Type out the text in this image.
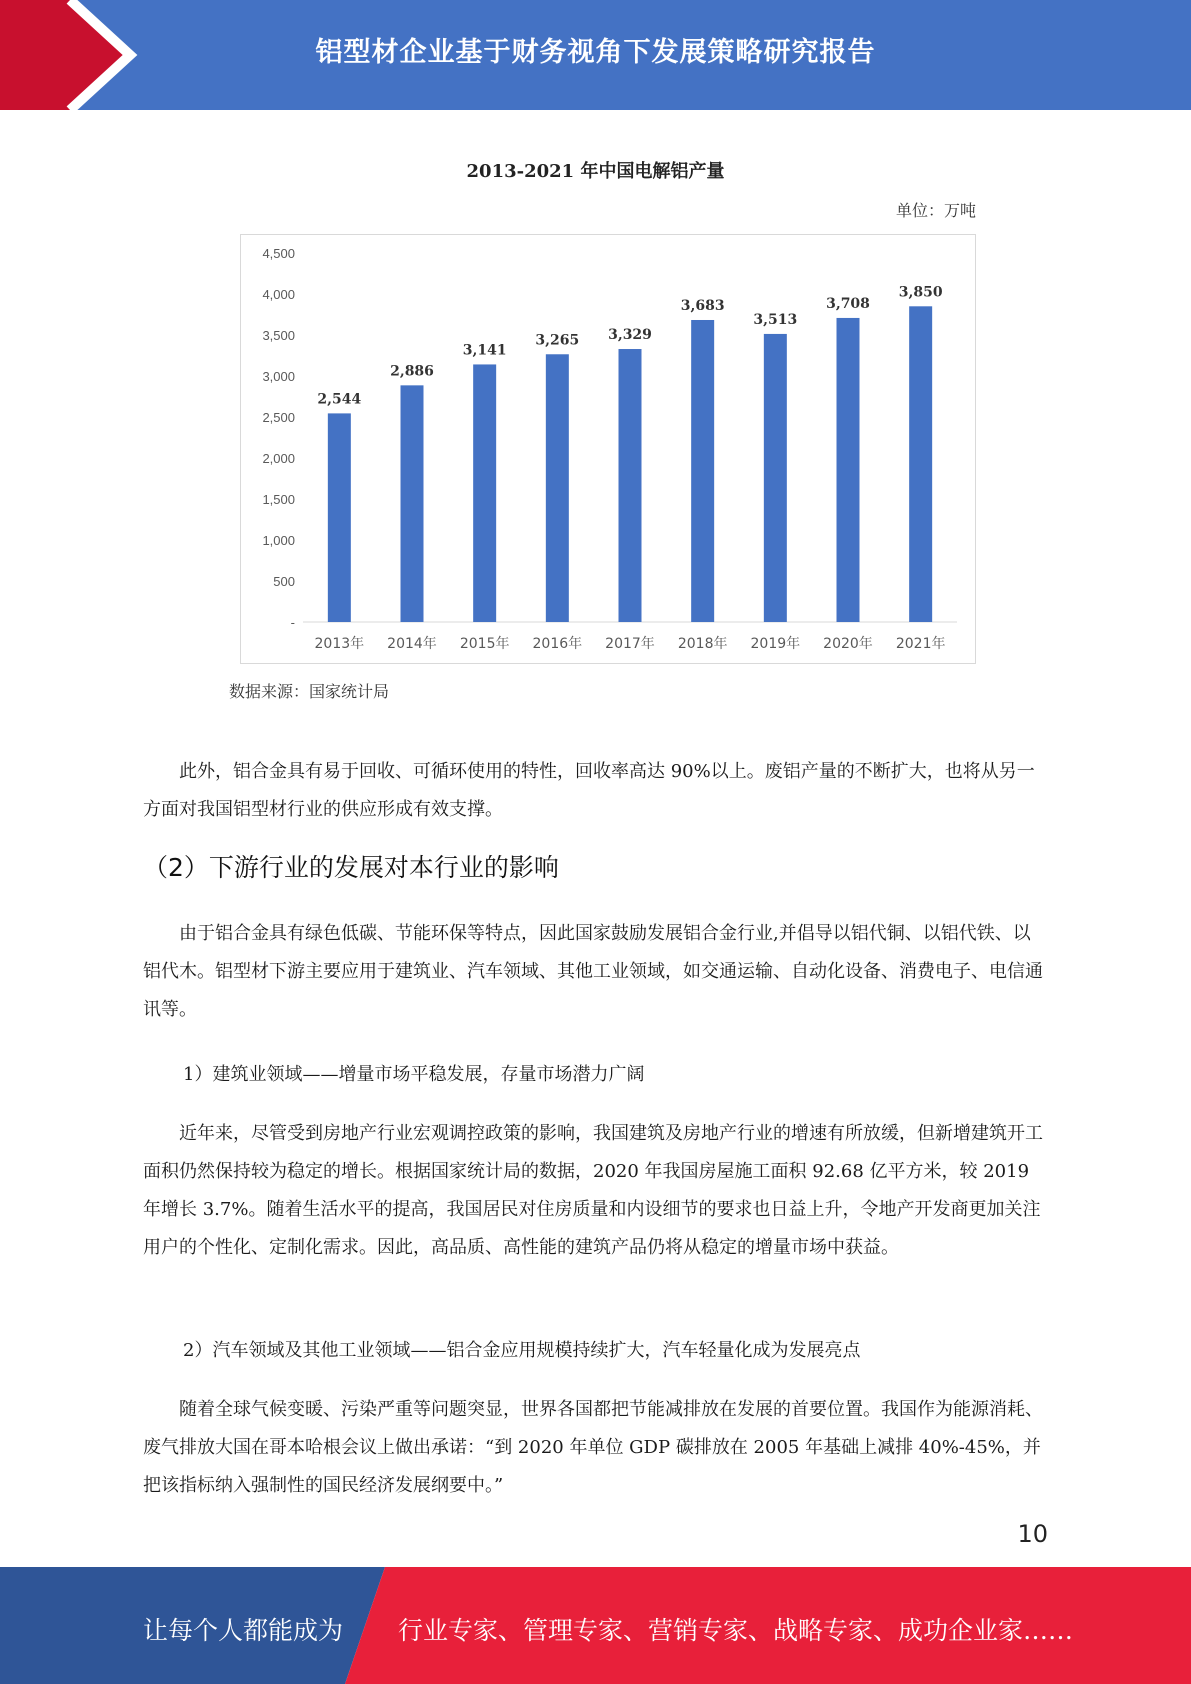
铝型材企业基于财务视角下发展策略研究报告
2013-2021 年中国电解铝产量
单位：万吨
-
500
1,000
1,500
2,000
2,500
3,000
3,500
4,000
4,500
2,544
2013年
2,886
2014年
3,141
2015年
3,265
2016年
3,329
2017年
3,683
2018年
3,513
2019年
3,708
2020年
3,850
2021年
数据来源：国家统计局

此外，铝合金具有易于回收、可循环使用的特性，回收率高达 90%以上。废铝产量的不断扩大，也将从另一方面对我国铝型材行业的供应形成有效支撑。

（2）下游行业的发展对本行业的影响

由于铝合金具有绿色低碳、节能环保等特点，因此国家鼓励发展铝合金行业,并倡导以铝代铜、以铝代铁、以铝代木。铝型材下游主要应用于建筑业、汽车领域、其他工业领域，如交通运输、自动化设备、消费电子、电信通讯等。

1）建筑业领域——增量市场平稳发展，存量市场潜力广阔

近年来，尽管受到房地产行业宏观调控政策的影响，我国建筑及房地产行业的增速有所放缓，但新增建筑开工面积仍然保持较为稳定的增长。根据国家统计局的数据，2020 年我国房屋施工面积 92.68 亿平方米，较 2019 年增长 3.7%。随着生活水平的提高，我国居民对住房质量和内设细节的要求也日益上升，令地产开发商更加关注用户的个性化、定制化需求。因此，高品质、高性能的建筑产品仍将从稳定的增量市场中获益。

2）汽车领域及其他工业领域——铝合金应用规模持续扩大，汽车轻量化成为发展亮点

随着全球气候变暖、污染严重等问题突显，世界各国都把节能减排放在发展的首要位置。我国作为能源消耗、废气排放大国在哥本哈根会议上做出承诺：“到 2020 年单位 GDP 碳排放在 2005 年基础上减排 40%-45%，并把该指标纳入强制性的国民经济发展纲要中。”

10
让每个人都能成为 行业专家、管理专家、营销专家、战略专家、成功企业家……
